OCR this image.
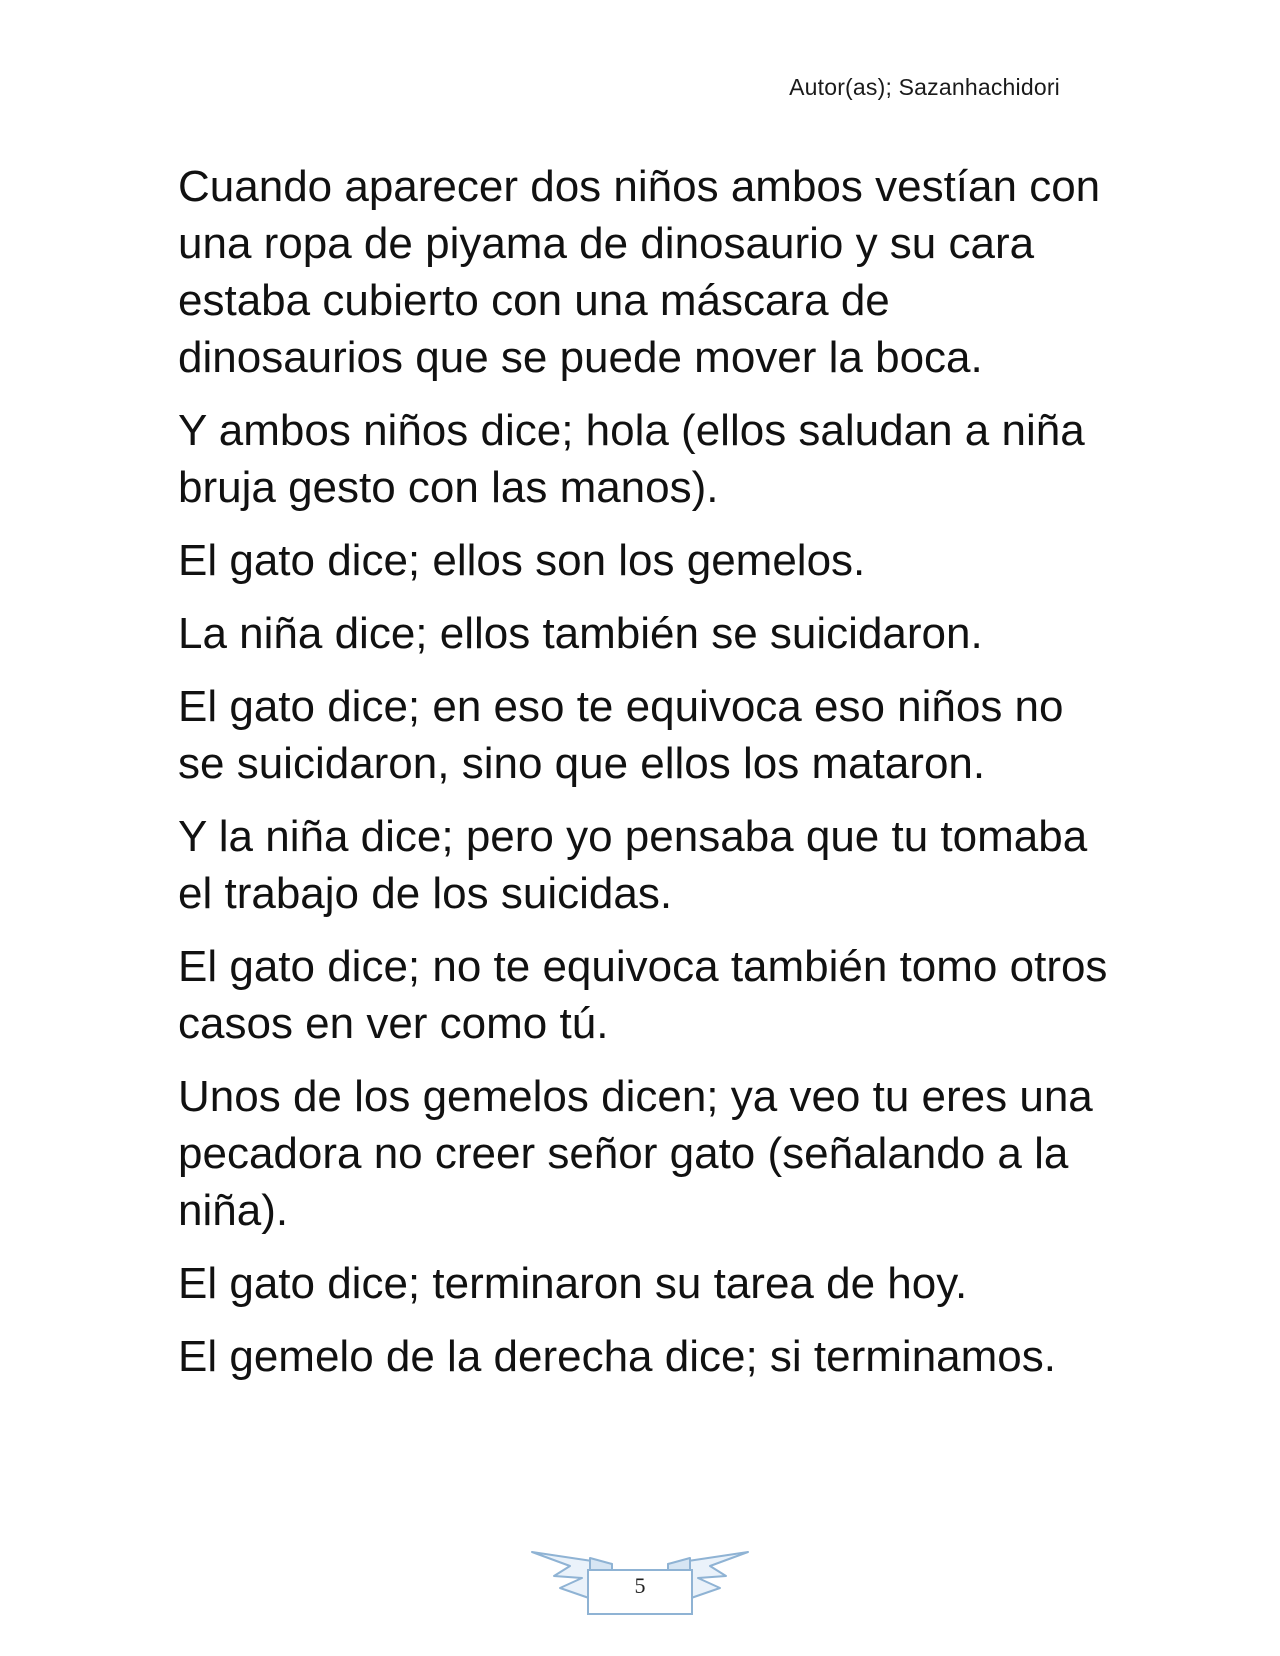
Autor(as); Sazanhachidori

Cuando aparecer dos niños ambos vestían con una ropa de piyama de dinosaurio y su cara estaba cubierto con una máscara de dinosaurios que se puede mover la boca.

Y ambos niños dice; hola (ellos saludan a niña bruja gesto con las manos).

El gato dice; ellos son los gemelos.

La niña dice; ellos también se suicidaron.

El gato dice; en eso te equivoca eso niños no se suicidaron, sino que ellos los mataron.

Y la niña dice; pero yo pensaba que tu tomaba el trabajo de los suicidas.

El gato dice; no te equivoca también tomo otros casos en ver como tú.

Unos de los gemelos dicen; ya veo tu eres una pecadora no creer señor gato (señalando a la niña).

El gato dice; terminaron su tarea de hoy.

El gemelo de la derecha dice; si terminamos.

5
